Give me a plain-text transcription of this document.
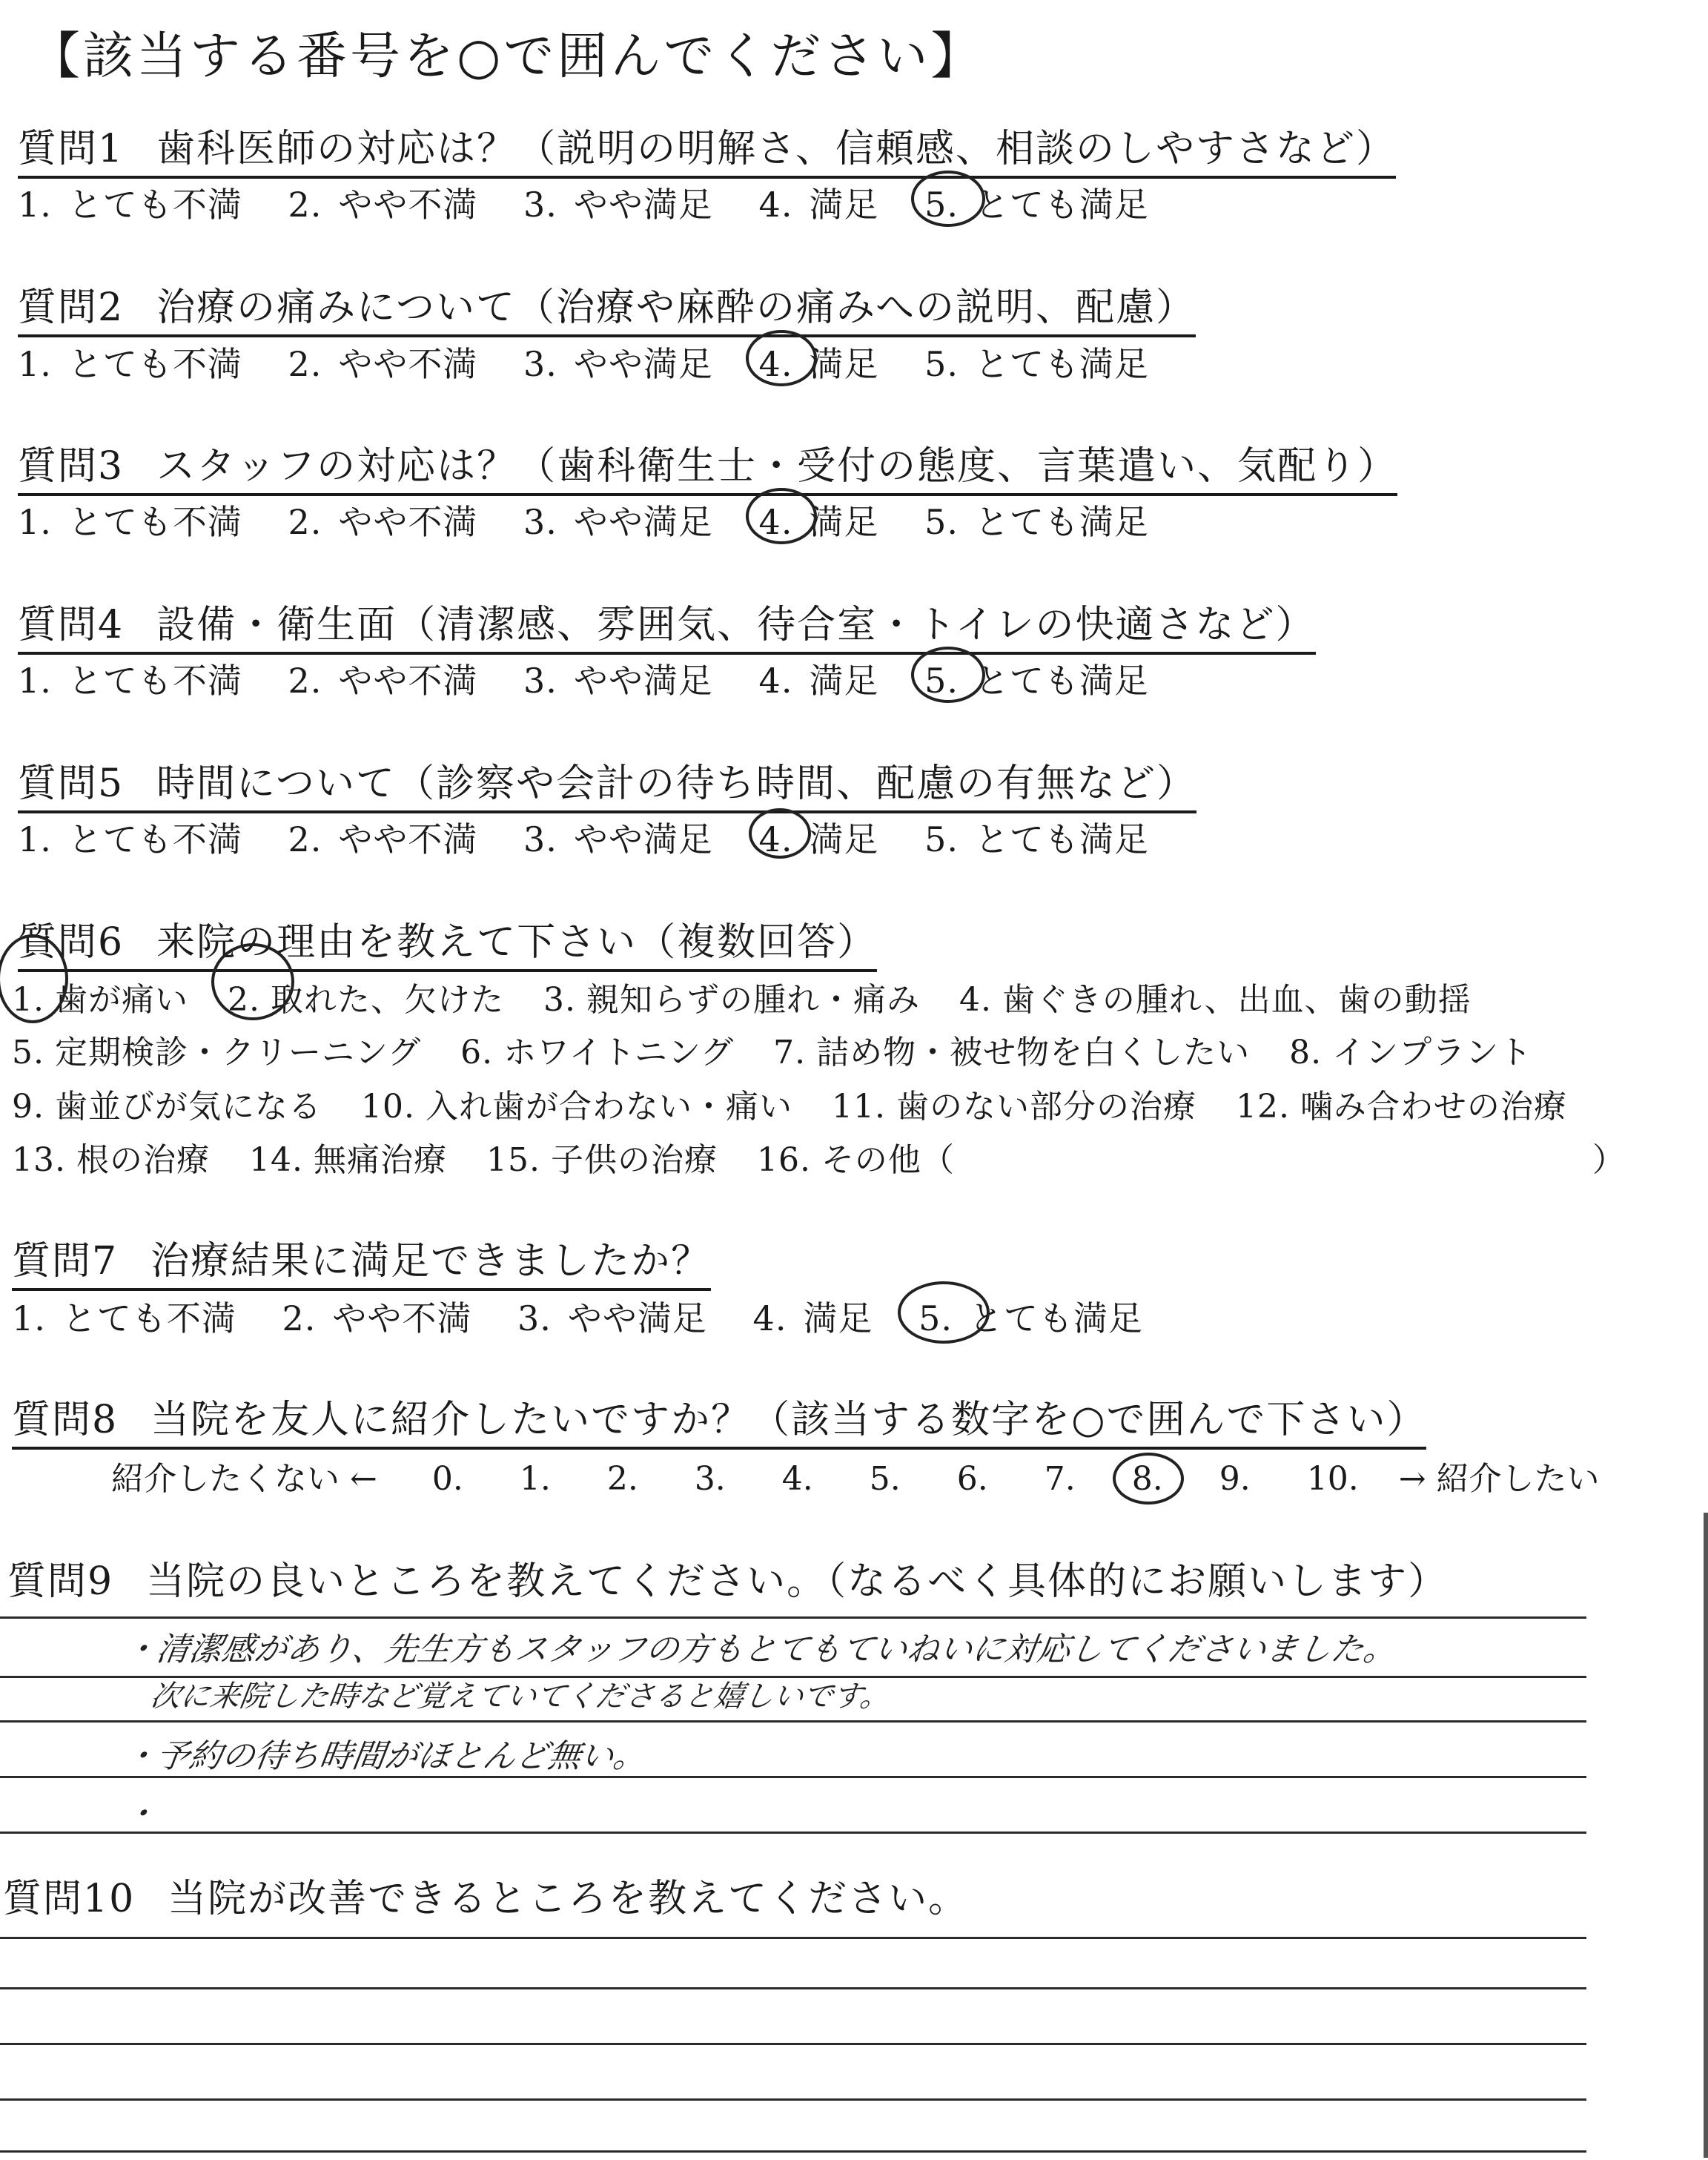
【該当する番号を○で囲んでください】
質問1 歯科医師の対応は？（説明の明解さ、信頼感、相談のしやすさなど）
1. とても不満 2. やや不満 3. やや満足 4. 満足 5. とても満足
質問2 治療の痛みについて（治療や麻酔の痛みへの説明、配慮）
1. とても不満 2. やや不満 3. やや満足 4. 満足 5. とても満足
質問3 スタッフの対応は？（歯科衛生士・受付の態度、言葉遣い、気配り）
1. とても不満 2. やや不満 3. やや満足 4. 満足 5. とても満足
質問4 設備・衛生面（清潔感、雰囲気、待合室・トイレの快適さなど）
1. とても不満 2. やや不満 3. やや満足 4. 満足 5. とても満足
質問5 時間について（診察や会計の待ち時間、配慮の有無など）
1. とても不満 2. やや不満 3. やや満足 4. 満足 5. とても満足
質問6 来院の理由を教えて下さい（複数回答）
1. 歯が痛い 2. 取れた、欠けた 3. 親知らずの腫れ・痛み 4. 歯ぐきの腫れ、出血、歯の動揺
5. 定期検診・クリーニング 6. ホワイトニング 7. 詰め物・被せ物を白くしたい 8. インプラント
9. 歯並びが気になる 10. 入れ歯が合わない・痛い 11. 歯のない部分の治療 12. 噛み合わせの治療
13. 根の治療 14. 無痛治療 15. 子供の治療 16. その他（	）
質問7 治療結果に満足できましたか？
1. とても不満 2. やや不満 3. やや満足 4. 満足 5. とても満足
質問8 当院を友人に紹介したいですか？（該当する数字を○で囲んで下さい）
紹介したくない ← 0. 1. 2. 3. 4. 5. 6. 7. 8. 9. 10. → 紹介したい
質問9 当院の良いところを教えてください。（なるべく具体的にお願いします）
・清潔感があり、先生方もスタッフの方もとてもていねいに対応してくださいました。
次に来院した時など覚えていてくださると嬉しいです。
・予約の待ち時間がほとんど無い。
・
質問10 当院が改善できるところを教えてください。
